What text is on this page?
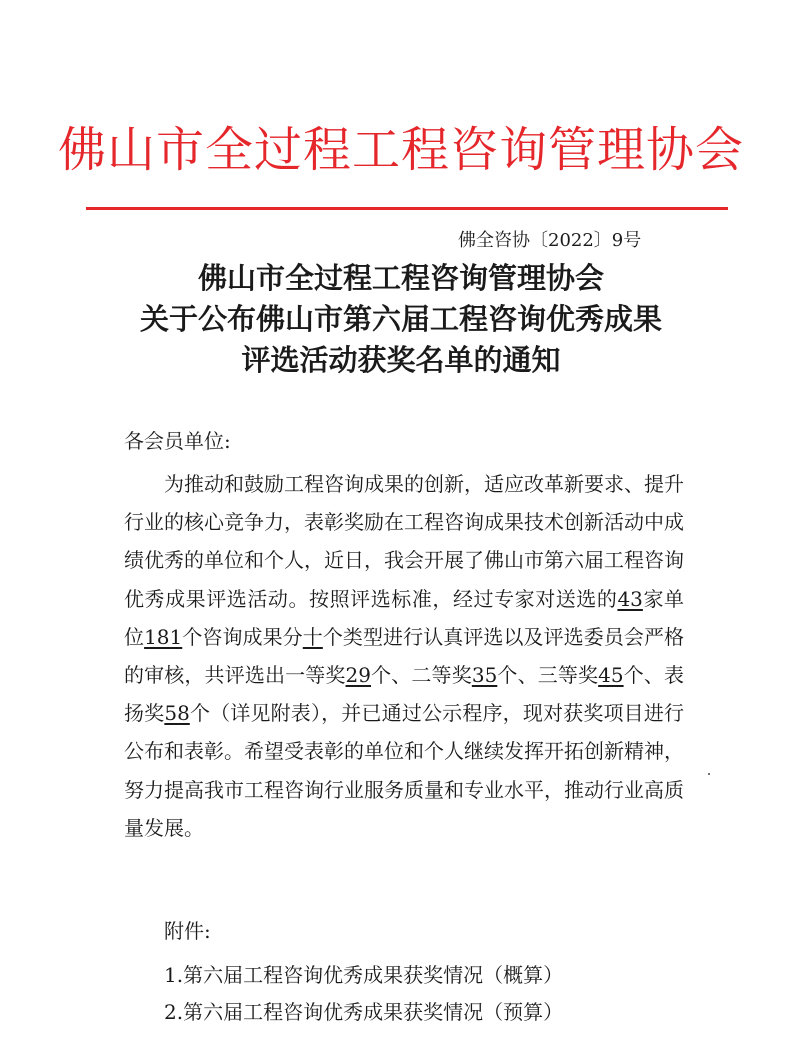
佛山市全过程工程咨询管理协会
佛全咨协〔2022〕9号
佛山市全过程工程咨询管理协会
关于公布佛山市第六届工程咨询优秀成果
评选活动获奖名单的通知
各会员单位:
为推动和鼓励工程咨询成果的创新，适应改革新要求、提升行业的核心竞争力，表彰奖励在工程咨询成果技术创新活动中成绩优秀的单位和个人，近日，我会开展了佛山市第六届工程咨询优秀成果评选活动。按照评选标准，经过专家对送选的43家单位181个咨询成果分十个类型进行认真评选以及评选委员会严格的审核，共评选出一等奖29个、二等奖35个、三等奖45个、表扬奖58个（详见附表），并已通过公示程序，现对获奖项目进行公布和表彰。希望受表彰的单位和个人继续发挥开拓创新精神，努力提高我市工程咨询行业服务质量和专业水平，推动行业高质量发展。
附件:
1.第六届工程咨询优秀成果获奖情况（概算）
2.第六届工程咨询优秀成果获奖情况（预算）
